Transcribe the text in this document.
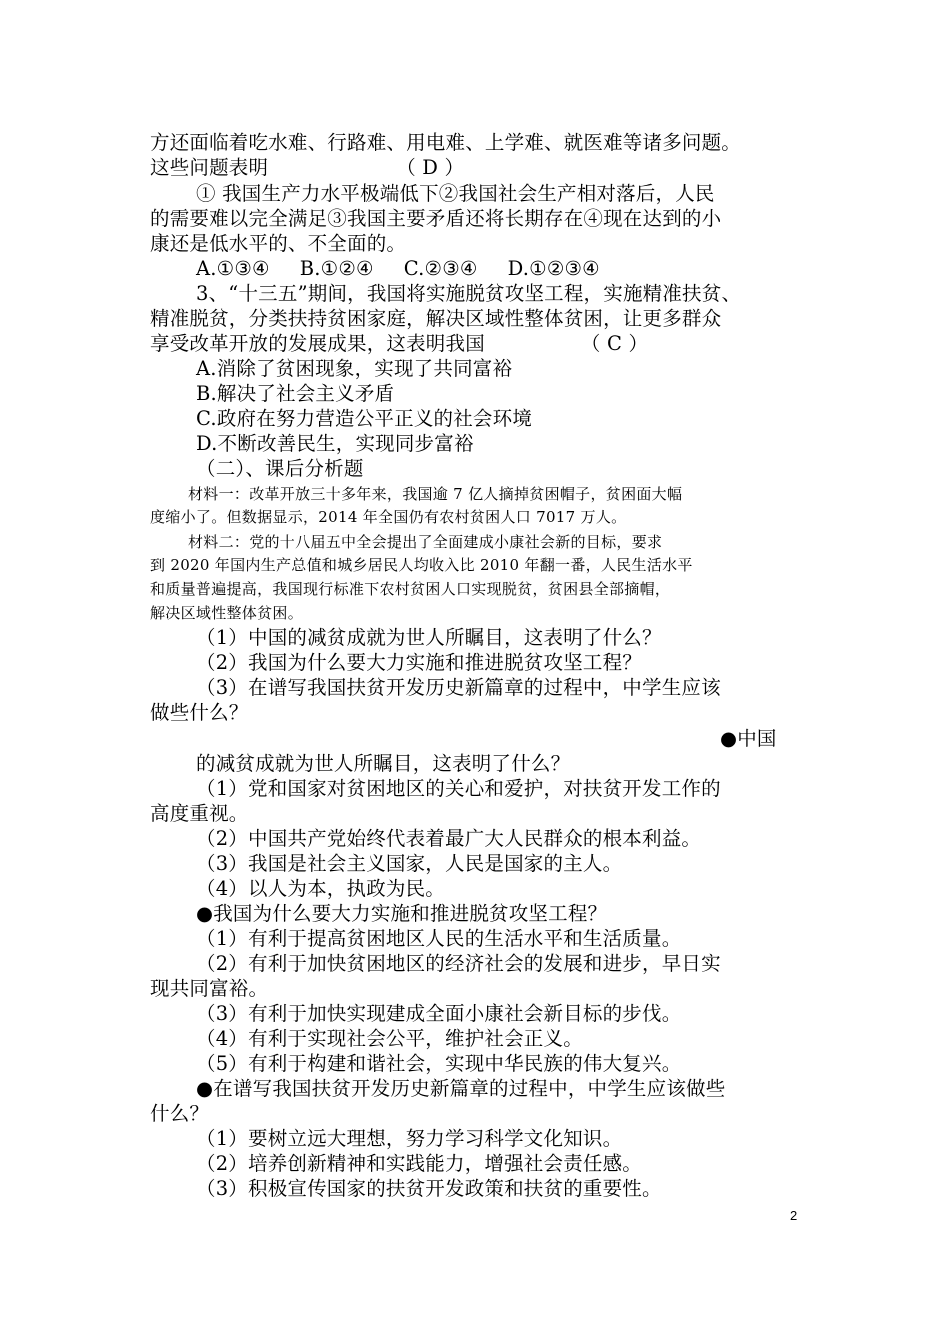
方还面临着吃水难、行路难、用电难、上学难、就医难等诸多问题。
这些问题表明	（ D ）
① 我国生产力水平极端低下②我国社会生产相对落后，人民
的需要难以完全满足③我国主要矛盾还将长期存在④现在达到的小
康还是低水平的、不全面的。
A.①③④ B.①②④ C.②③④ D.①②③④
3、“十三五”期间，我国将实施脱贫攻坚工程，实施精准扶贫、
精准脱贫，分类扶持贫困家庭，解决区域性整体贫困，让更多群众
享受改革开放的发展成果，这表明我国	（ C ）
A.消除了贫困现象，实现了共同富裕
B.解决了社会主义矛盾
C.政府在努力营造公平正义的社会环境
D.不断改善民生，实现同步富裕
（二）、课后分析题
材料一：改革开放三十多年来，我国逾 7 亿人摘掉贫困帽子，贫困面大幅
度缩小了。但数据显示，2014 年全国仍有农村贫困人口 7017 万人。
材料二：党的十八届五中全会提出了全面建成小康社会新的目标，要求
到 2020 年国内生产总值和城乡居民人均收入比 2010 年翻一番，人民生活水平
和质量普遍提高，我国现行标准下农村贫困人口实现脱贫，贫困县全部摘帽，
解决区域性整体贫困。
（1）中国的减贫成就为世人所瞩目，这表明了什么？
（2）我国为什么要大力实施和推进脱贫攻坚工程？
（3）在谱写我国扶贫开发历史新篇章的过程中，中学生应该
做些什么？
●中国
的减贫成就为世人所瞩目，这表明了什么？
（1）党和国家对贫困地区的关心和爱护，对扶贫开发工作的
高度重视。
（2）中国共产党始终代表着最广大人民群众的根本利益。
（3）我国是社会主义国家，人民是国家的主人。
（4）以人为本，执政为民。
●我国为什么要大力实施和推进脱贫攻坚工程？
（1）有利于提高贫困地区人民的生活水平和生活质量。
（2）有利于加快贫困地区的经济社会的发展和进步，早日实
现共同富裕。
（3）有利于加快实现建成全面小康社会新目标的步伐。
（4）有利于实现社会公平，维护社会正义。
（5）有利于构建和谐社会，实现中华民族的伟大复兴。
●在谱写我国扶贫开发历史新篇章的过程中，中学生应该做些
什么？
（1）要树立远大理想，努力学习科学文化知识。
（2）培养创新精神和实践能力，增强社会责任感。
（3）积极宣传国家的扶贫开发政策和扶贫的重要性。
2
